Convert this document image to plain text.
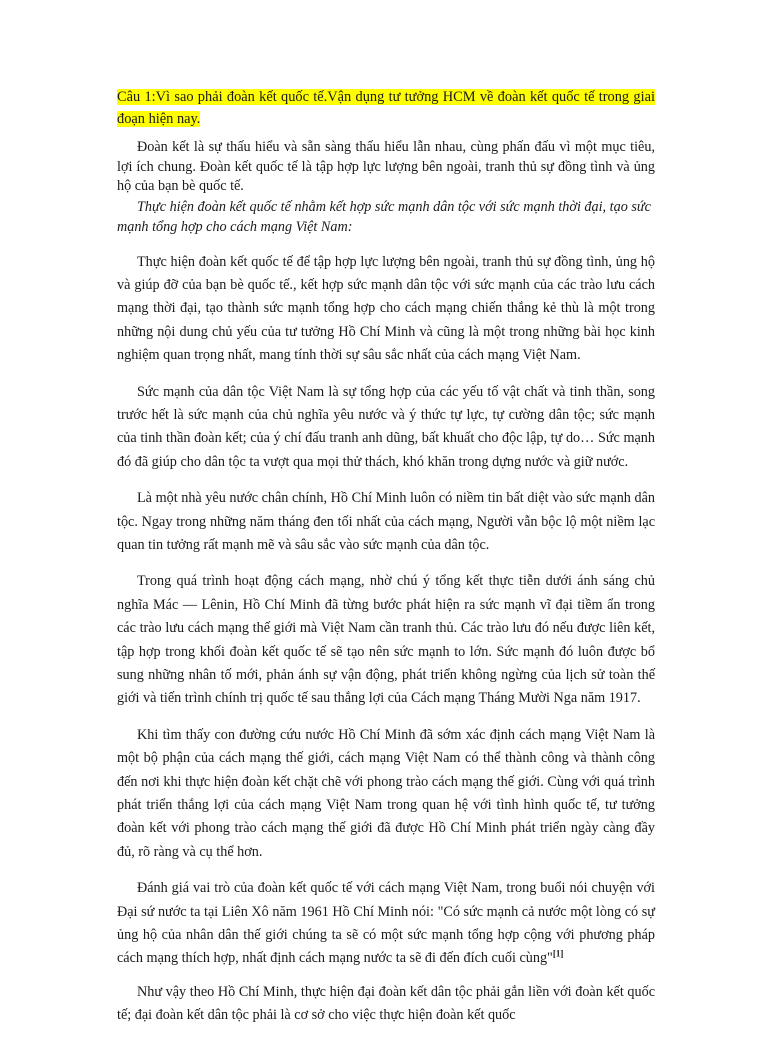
Câu 1:Vì sao phải đoàn kết quốc tế.Vận dụng tư tưởng HCM về đoàn kết quốc tế trong giai đoạn hiện nay.

Đoàn kết là sự thấu hiểu và sẵn sàng thấu hiểu lẫn nhau, cùng phấn đấu vì một mục tiêu, lợi ích chung. Đoàn kết quốc tế là tập hợp lực lượng bên ngoài, tranh thủ sự đồng tình và ủng hộ của bạn bè quốc tế.

Thực hiện đoàn kết quốc tế nhằm kết hợp sức mạnh dân tộc với sức mạnh thời đại, tạo sức mạnh tổng hợp cho cách mạng Việt Nam:

Thực hiện đoàn kết quốc tế để tập hợp lực lượng bên ngoài, tranh thủ sự đồng tình, ủng hộ và giúp đỡ của bạn bè quốc tế., kết hợp sức mạnh dân tộc với sức mạnh của các trào lưu cách mạng thời đại, tạo thành sức mạnh tổng hợp cho cách mạng chiến thắng kẻ thù là một trong những nội dung chủ yếu của tư tưởng Hồ Chí Minh và cũng là một trong những bài học kinh nghiệm quan trọng nhất, mang tính thời sự sâu sắc nhất của cách mạng Việt Nam.

Sức mạnh của dân tộc Việt Nam là sự tổng hợp của các yếu tố vật chất và tinh thần, song trước hết là sức mạnh của chủ nghĩa yêu nước và ý thức tự lực, tự cường dân tộc; sức mạnh của tinh thần đoàn kết; của ý chí đấu tranh anh dũng, bất khuất cho độc lập, tự do… Sức mạnh đó đã giúp cho dân tộc ta vượt qua mọi thử thách, khó khăn trong dựng nước và giữ nước.

Là một nhà yêu nước chân chính, Hồ Chí Minh luôn có niềm tin bất diệt vào sức mạnh dân tộc. Ngay trong những năm tháng đen tối nhất của cách mạng, Người vẫn bộc lộ một niềm lạc quan tin tưởng rất mạnh mẽ và sâu sắc vào sức mạnh của dân tộc.

Trong quá trình hoạt động cách mạng, nhờ chú ý tổng kết thực tiễn dưới ánh sáng chủ nghĩa Mác — Lênin, Hồ Chí Minh đã từng bước phát hiện ra sức mạnh vĩ đại tiềm ẩn trong các trào lưu cách mạng thế giới mà Việt Nam cần tranh thủ. Các trào lưu đó nếu được liên kết, tập hợp trong khối đoàn kết quốc tế sẽ tạo nên sức mạnh to lớn. Sức mạnh đó luôn được bổ sung những nhân tố mới, phản ánh sự vận động, phát triển không ngừng của lịch sử toàn thế giới và tiến trình chính trị quốc tế sau thắng lợi của Cách mạng Tháng Mười Nga năm 1917.

Khi tìm thấy con đường cứu nước Hồ Chí Minh đã sớm xác định cách mạng Việt Nam là một bộ phận của cách mạng thế giới, cách mạng Việt Nam có thể thành công và thành công đến nơi khi thực hiện đoàn kết chặt chẽ với phong trào cách mạng thế giới. Cùng với quá trình phát triển thắng lợi của cách mạng Việt Nam trong quan hệ với tình hình quốc tế, tư tưởng đoàn kết với phong trào cách mạng thế giới đã được Hồ Chí Minh phát triển ngày càng đầy đủ, rõ ràng và cụ thể hơn.

Đánh giá vai trò của đoàn kết quốc tế với cách mạng Việt Nam, trong buổi nói chuyện với Đại sứ nước ta tại Liên Xô năm 1961 Hồ Chí Minh nói: "Có sức mạnh cả nước một lòng có sự ủng hộ của nhân dân thế giới chúng ta sẽ có một sức mạnh tổng hợp cộng với phương pháp cách mạng thích hợp, nhất định cách mạng nước ta sẽ đi đến đích cuối cùng"[1]

Như vậy theo Hồ Chí Minh, thực hiện đại đoàn kết dân tộc phải gắn liền với đoàn kết quốc tế; đại đoàn kết dân tộc phải là cơ sở cho việc thực hiện đoàn kết quốc
